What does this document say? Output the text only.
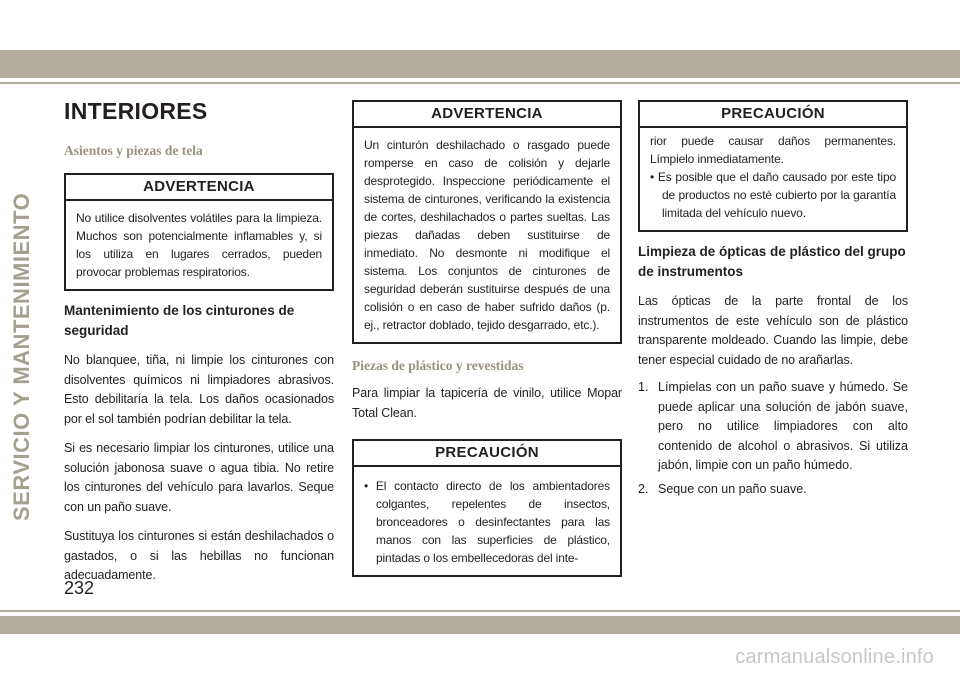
SERVICIO Y MANTENIMIENTO
INTERIORES
Asientos y piezas de tela
ADVERTENCIA
No utilice disolventes volátiles para la limpieza. Muchos son potencialmente inflamables y, si los utiliza en lugares cerrados, pueden provocar problemas respiratorios.
Mantenimiento de los cinturones de seguridad

No blanquee, tiña, ni limpie los cinturones con disolventes químicos ni limpiadores abrasivos. Esto debilitaría la tela. Los daños ocasionados por el sol también podrían debilitar la tela.

Si es necesario limpiar los cinturones, utilice una solución jabonosa suave o agua tibia. No retire los cinturones del vehículo para lavarlos. Seque con un paño suave.

Sustituya los cinturones si están deshilachados o gastados, o si las hebillas no funcionan adecuadamente.

ADVERTENCIA
Un cinturón deshilachado o rasgado puede romperse en caso de colisión y dejarle desprotegido. Inspeccione periódicamente el sistema de cinturones, verificando la existencia de cortes, deshilachados o partes sueltas. Las piezas dañadas deben sustituirse de inmediato. No desmonte ni modifique el sistema. Los conjuntos de cinturones de seguridad deberán sustituirse después de una colisión o en caso de haber sufrido daños (p. ej., retractor doblado, tejido desgarrado, etc.).
Piezas de plástico y revestidas

Para limpiar la tapicería de vinilo, utilice Mopar Total Clean.

PRECAUCIÓN
• El contacto directo de los ambientadores colgantes, repelentes de insectos, bronceadores o desinfectantes para las manos con las superficies de plástico, pintadas o los embellecedoras del inte-
PRECAUCIÓN
rior puede causar daños permanentes. Límpielo inmediatamente.
• Es posible que el daño causado por este tipo de productos no esté cubierto por la garantía limitada del vehículo nuevo.
Limpieza de ópticas de plástico del grupo de instrumentos

Las ópticas de la parte frontal de los instrumentos de este vehículo son de plástico transparente moldeado. Cuando las limpie, debe tener especial cuidado de no arañarlas.

1. Límpielas con un paño suave y húmedo. Se puede aplicar una solución de jabón suave, pero no utilice limpiadores con alto contenido de alcohol o abrasivos. Si utiliza jabón, limpie con un paño húmedo.
2. Seque con un paño suave.
232
carmanualsonline.info
